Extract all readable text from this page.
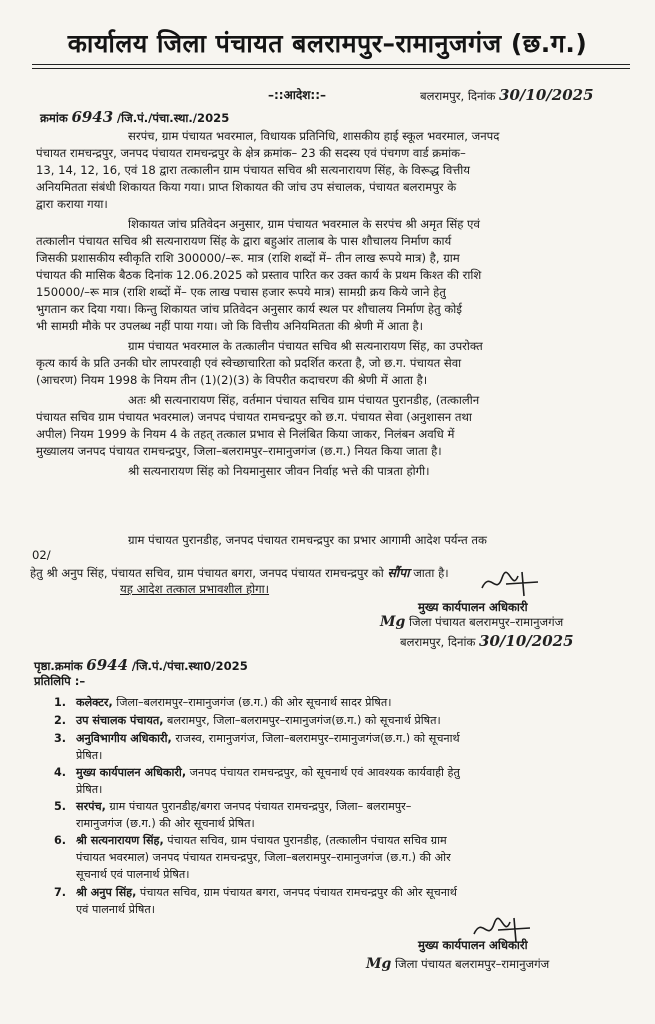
कार्यालय जिला पंचायत बलरामपुर–रामानुजगंज (छ.ग.)
–::आदेश::–	बलरामपुर, दिनांक 30/10/2025
क्रमांक 6943 /जि.पं./पंचा.स्था./2025
सरपंच, ग्राम पंचायत भवरमाल, विधायक प्रतिनिधि, शासकीय हाई स्कूल भवरमाल, जनपद
पंचायत रामचन्द्रपुर, जनपद पंचायत रामचन्द्रपुर के क्षेत्र क्रमांक– 23 की सदस्य एवं पंचगण वार्ड क्रमांक–
13, 14, 12, 16, एवं 18 द्वारा तत्कालीन ग्राम पंचायत सचिव श्री सत्यनारायण सिंह, के विरूद्ध वित्तीय
अनियमितता संबंधी शिकायत किया गया। प्राप्त शिकायत की जांच उप संचालक, पंचायत बलरामपुर के
द्वारा कराया गया।
शिकायत जांच प्रतिवेदन अनुसार, ग्राम पंचायत भवरमाल के सरपंच श्री अमृत सिंह एवं
तत्कालीन पंचायत सचिव श्री सत्यनारायण सिंह के द्वारा बहुआंर तालाब के पास शौचालय निर्माण कार्य
जिसकी प्रशासकीय स्वीकृति राशि 300000/–रू. मात्र (राशि शब्दों में– तीन लाख रूपये मात्र) है, ग्राम
पंचायत की मासिक बैठक दिनांक 12.06.2025 को प्रस्ताव पारित कर उक्त कार्य के प्रथम किश्त की राशि
150000/–रू मात्र (राशि शब्दों में– एक लाख पचास हजार रूपये मात्र) सामग्री क्रय किये जाने हेतु
भुगतान कर दिया गया। किन्तु शिकायत जांच प्रतिवेदन अनुसार कार्य स्थल पर शौचालय निर्माण हेतु कोई
भी सामग्री मौके पर उपलब्ध नहीं पाया गया। जो कि वित्तीय अनियमितता की श्रेणी में आता है।
ग्राम पंचायत भवरमाल के तत्कालीन पंचायत सचिव श्री सत्यनारायण सिंह, का उपरोक्त
कृत्य कार्य के प्रति उनकी घोर लापरवाही एवं स्वेच्छाचारिता को प्रदर्शित करता है, जो छ.ग. पंचायत सेवा
(आचरण) नियम 1998 के नियम तीन (1)(2)(3) के विपरीत कदाचरण की श्रेणी में आता है।
अतः श्री सत्यनारायण सिंह, वर्तमान पंचायत सचिव ग्राम पंचायत पुरानडीह, (तत्कालीन
पंचायत सचिव ग्राम पंचायत भवरमाल) जनपद पंचायत रामचन्द्रपुर को छ.ग. पंचायत सेवा (अनुशासन तथा
अपील) नियम 1999 के नियम 4 के तहत् तत्काल प्रभाव से निलंबित किया जाकर, निलंबन अवधि में
मुख्यालय जनपद पंचायत रामचन्द्रपुर, जिला–बलरामपुर–रामानुजगंज (छ.ग.) नियत किया जाता है।
श्री सत्यनारायण सिंह को नियमानुसार जीवन निर्वाह भत्ते की पात्रता होगी।
ग्राम पंचायत पुरानडीह, जनपद पंचायत रामचन्द्रपुर का प्रभार आगामी आदेश पर्यन्त तक
02/
हेतु श्री अनुप सिंह, पंचायत सचिव, ग्राम पंचायत बगरा, जनपद पंचायत रामचन्द्रपुर को सौंपा जाता है।
यह आदेश तत्काल प्रभावशील होगा।
मुख्य कार्यपालन अधिकारी
Mg जिला पंचायत बलरामपुर–रामानुजगंज
बलरामपुर, दिनांक 30/10/2025
पृष्ठा.क्रमांक 6944 /जि.पं./पंचा.स्था0/2025
प्रतिलिपि :–
1. कलेक्टर, जिला–बलरामपुर–रामानुजगंज (छ.ग.) की ओर सूचनार्थ सादर प्रेषित।
2. उप संचालक पंचायत, बलरामपुर, जिला–बलरामपुर–रामानुजगंज(छ.ग.) को सूचनार्थ प्रेषित।
3. अनुविभागीय अधिकारी, राजस्व, रामानुजगंज, जिला–बलरामपुर–रामानुजगंज(छ.ग.) को सूचनार्थ
प्रेषित।
4. मुख्य कार्यपालन अधिकारी, जनपद पंचायत रामचन्द्रपुर, को सूचनार्थ एवं आवश्यक कार्यवाही हेतु
प्रेषित।
5. सरपंच, ग्राम पंचायत पुरानडीह/बगरा जनपद पंचायत रामचन्द्रपुर, जिला– बलरामपुर–
रामानुजगंज (छ.ग.) की ओर सूचनार्थ प्रेषित।
6. श्री सत्यनारायण सिंह, पंचायत सचिव, ग्राम पंचायत पुरानडीह, (तत्कालीन पंचायत सचिव ग्राम
पंचायत भवरमाल) जनपद पंचायत रामचन्द्रपुर, जिला–बलरामपुर–रामानुजगंज (छ.ग.) की ओर
सूचनार्थ एवं पालनार्थ प्रेषित।
7. श्री अनुप सिंह, पंचायत सचिव, ग्राम पंचायत बगरा, जनपद पंचायत रामचन्द्रपुर की ओर सूचनार्थ
एवं पालनार्थ प्रेषित।
मुख्य कार्यपालन अधिकारी
Mg जिला पंचायत बलरामपुर–रामानुजगंज
